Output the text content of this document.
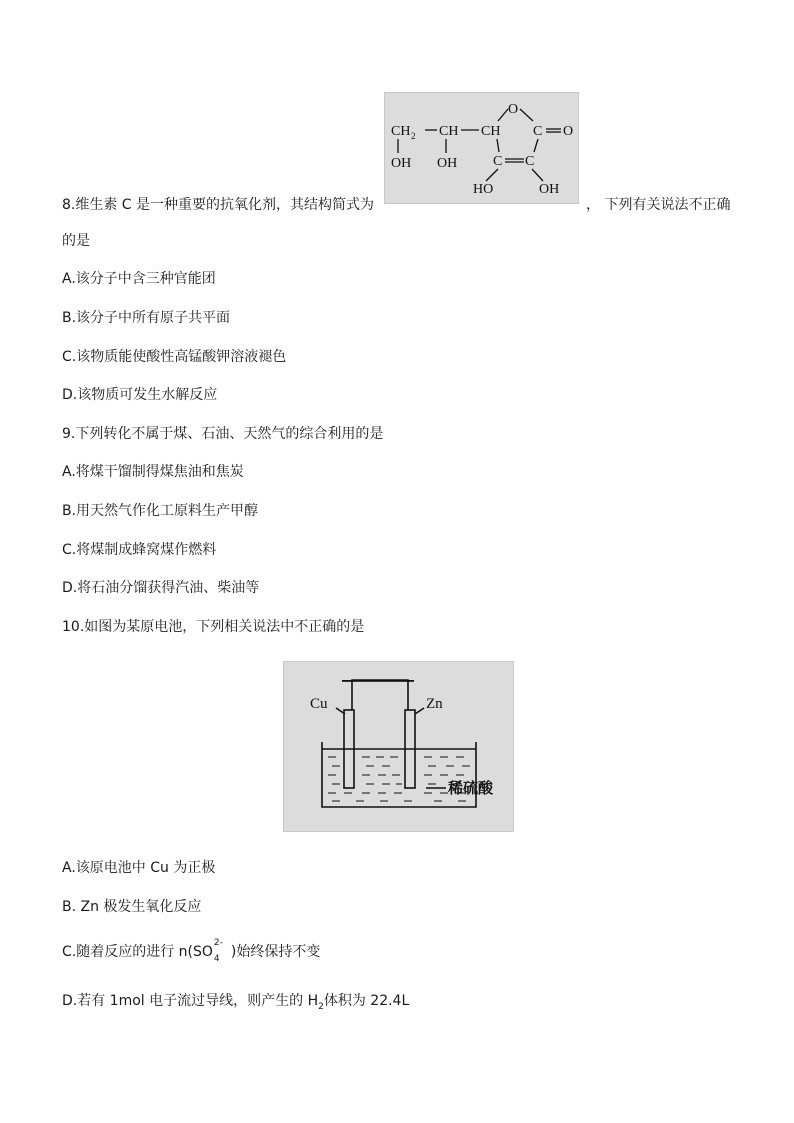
CH 2 CH CH
O
C O
C C
OH OH
HO	OH
8.维生素 C 是一种重要的抗氧化剂，其结构简式为	， 下列有关说法不正确
的是
A.该分子中含三种官能团
B.该分子中所有原子共平面
C.该物质能使酸性高锰酸钾溶液褪色
D.该物质可发生水解反应
9.下列转化不属于煤、石油、天然气的综合利用的是
A.将煤干馏制得煤焦油和焦炭
B.用天然气作化工原料生产甲醇
C.将煤制成蜂窝煤作燃料
D.将石油分馏获得汽油、柴油等
10.如图为某原电池，下列相关说法中不正确的是
Cu	Zn
稀硫酸
A.该原电池中 Cu 为正极
B. Zn 极发生氧化反应
C.随着反应的进行 n(SO
2-
4 )始终保持不变
D.若有 1mol 电子流过导线，则产生的 $H_2$体积为 22.4L
